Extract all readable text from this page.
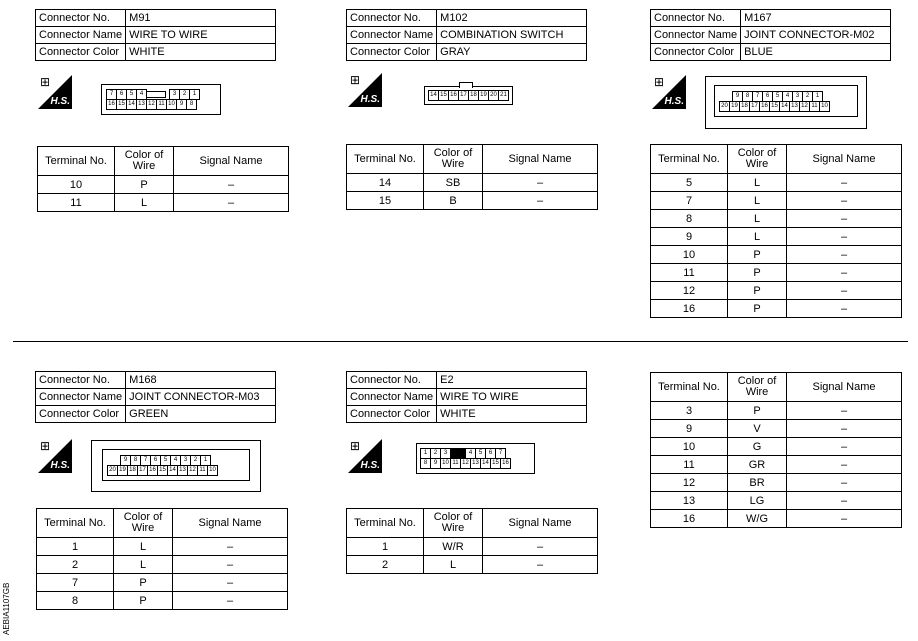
Connector No.	M91
Connector Name	WIRE TO WIRE
Connector Color	WHITE
⊞
H.S.
7	6	5	4	3	2	1
16 15 14 13 12 11 10 9	8
Terminal No.	Color of Wire	Signal Name
10	P	–
11	L	–
Connector No.	M102
Connector Name	COMBINATION SWITCH
Connector Color	GRAY
⊞
H.S.	14 15 16 17 18 19 20 21
Terminal No.	Color of Wire	Signal Name
14	SB	–
15	B	–
Connector No.	M167
Connector Name	JOINT CONNECTOR-M02
Connector Color	BLUE
⊞
H.S.	9	8	7	6	5	4	3	2	1
20 19 18 17 16 15 14 13 12 11 10
Terminal No.	Color of Wire	Signal Name
5	L	–
7	L	–
8	L	–
9	L	–
10	P	–
11	P	–
12	P	–
16	P	–
Connector No.	M168
Connector Name	JOINT CONNECTOR-M03
Connector Color	GREEN
⊞
H.S.	9	8	7	6	5	4	3	2	1
20 19 18 17 16 15 14 13 12 11 10
Terminal No.	Color of Wire	Signal Name
1	L	–
2	L	–
7	P	–
8	P	–
Connector No.	E2
Connector Name	WIRE TO WIRE
Connector Color	WHITE
⊞
H.S.
1	2	3	4	5	6	7
8	9 10 11 12 13 14 15 16
Terminal No.	Color of Wire	Signal Name
1	W/R	–
2	L	–
Terminal No.	Color of Wire	Signal Name
3	P	–
9	V	–
10	G	–
11	GR	–
12	BR	–
13	LG	–
16	W/G	–
AEBIA1107GB
